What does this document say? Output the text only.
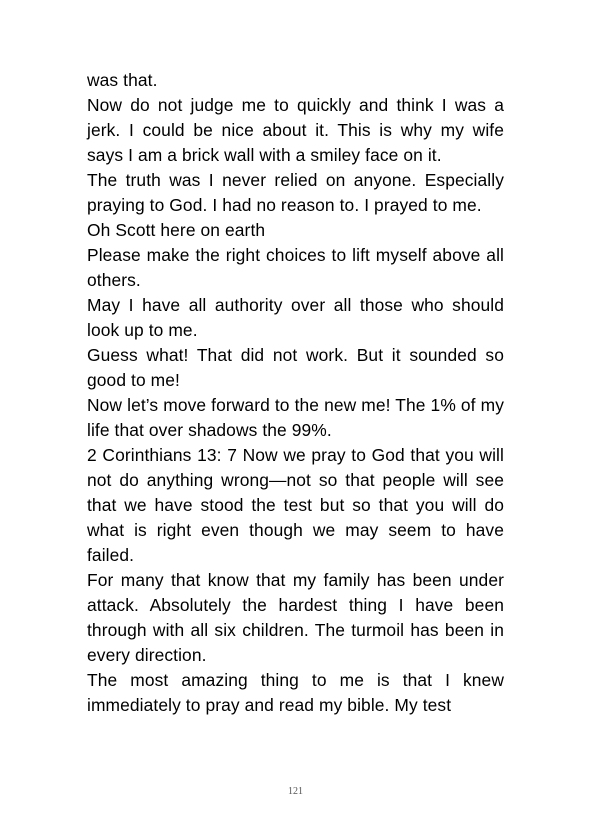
was that.

Now do not judge me to quickly and think I was a jerk. I could be nice about it. This is why my wife says I am a brick wall with a smiley face on it.

The truth was I never relied on anyone. Especially praying to God. I had no reason to. I prayed to me.

Oh Scott here on earth

Please make the right choices to lift myself above all others.

May I have all authority over all those who should look up to me.

Guess what! That did not work. But it sounded so good to me!

Now let’s move forward to the new me! The 1% of my life that over shadows the 99%.

2 Corinthians 13: 7 Now we pray to God that you will not do anything wrong—not so that people will see that we have stood the test but so that you will do what is right even though we may seem to have failed.

For many that know that my family has been under attack. Absolutely the hardest thing I have been through with all six children. The turmoil has been in every direction.

The most amazing thing to me is that I knew immediately to pray and read my bible. My test

121
